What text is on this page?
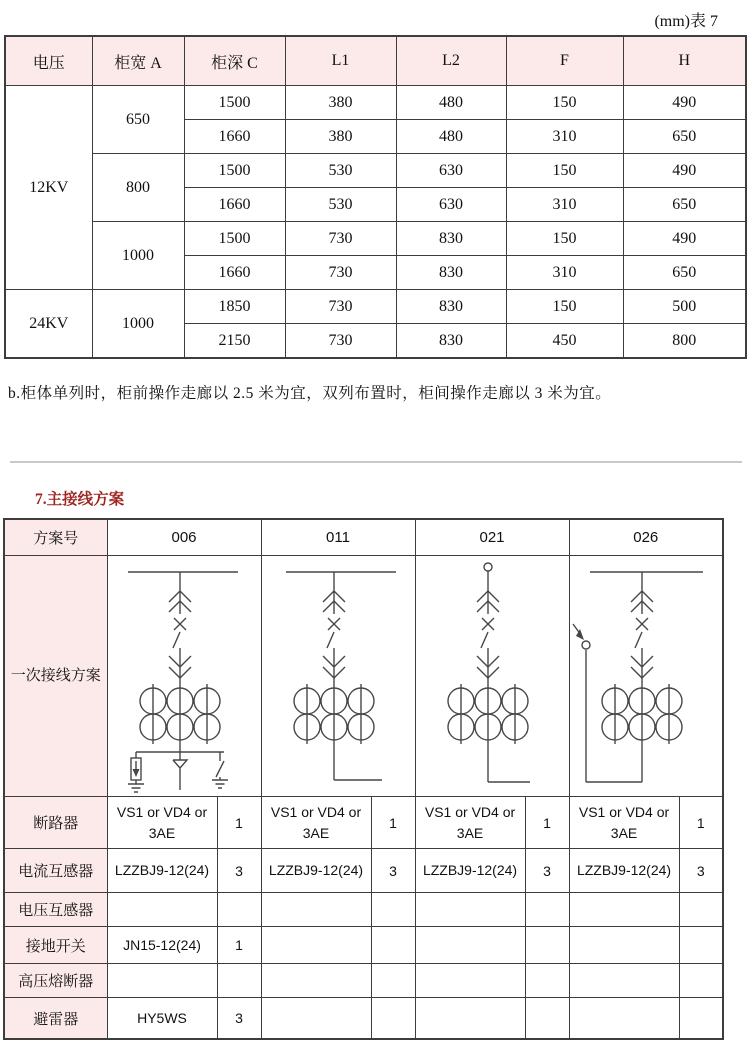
(mm)表 7
电压	柜宽 A	柜深 C	L1	L2	F	H
12KV	650	1500	380	480	150	490
		1660	380	480	310	650
	800	1500	530	630	150	490
		1660	530	630	310	650
	1000	1500	730	830	150	490
		1660	730	830	310	650
24KV	1000	1850	730	830	150	500
		2150	730	830	450	800
b.柜体单列时，柜前操作走廊以 2.5 米为宜，双列布置时，柜间操作走廊以 3 米为宜。
7.主接线方案
方案号	006		011		021		026	
一次接线方案	

断路器	VS1 or VD4 or 3AE	1	VS1 or VD4 or 3AE	1	VS1 or VD4 or 3AE	1	VS1 or VD4 or 3AE	1
电流互感器	LZZBJ9-12(24)	3	LZZBJ9-12(24)	3	LZZBJ9-12(24)	3	LZZBJ9-12(24)	3
电压互感器								
接地开关	JN15-12(24)	1						
高压熔断器								
避雷器	HY5WS	3						
